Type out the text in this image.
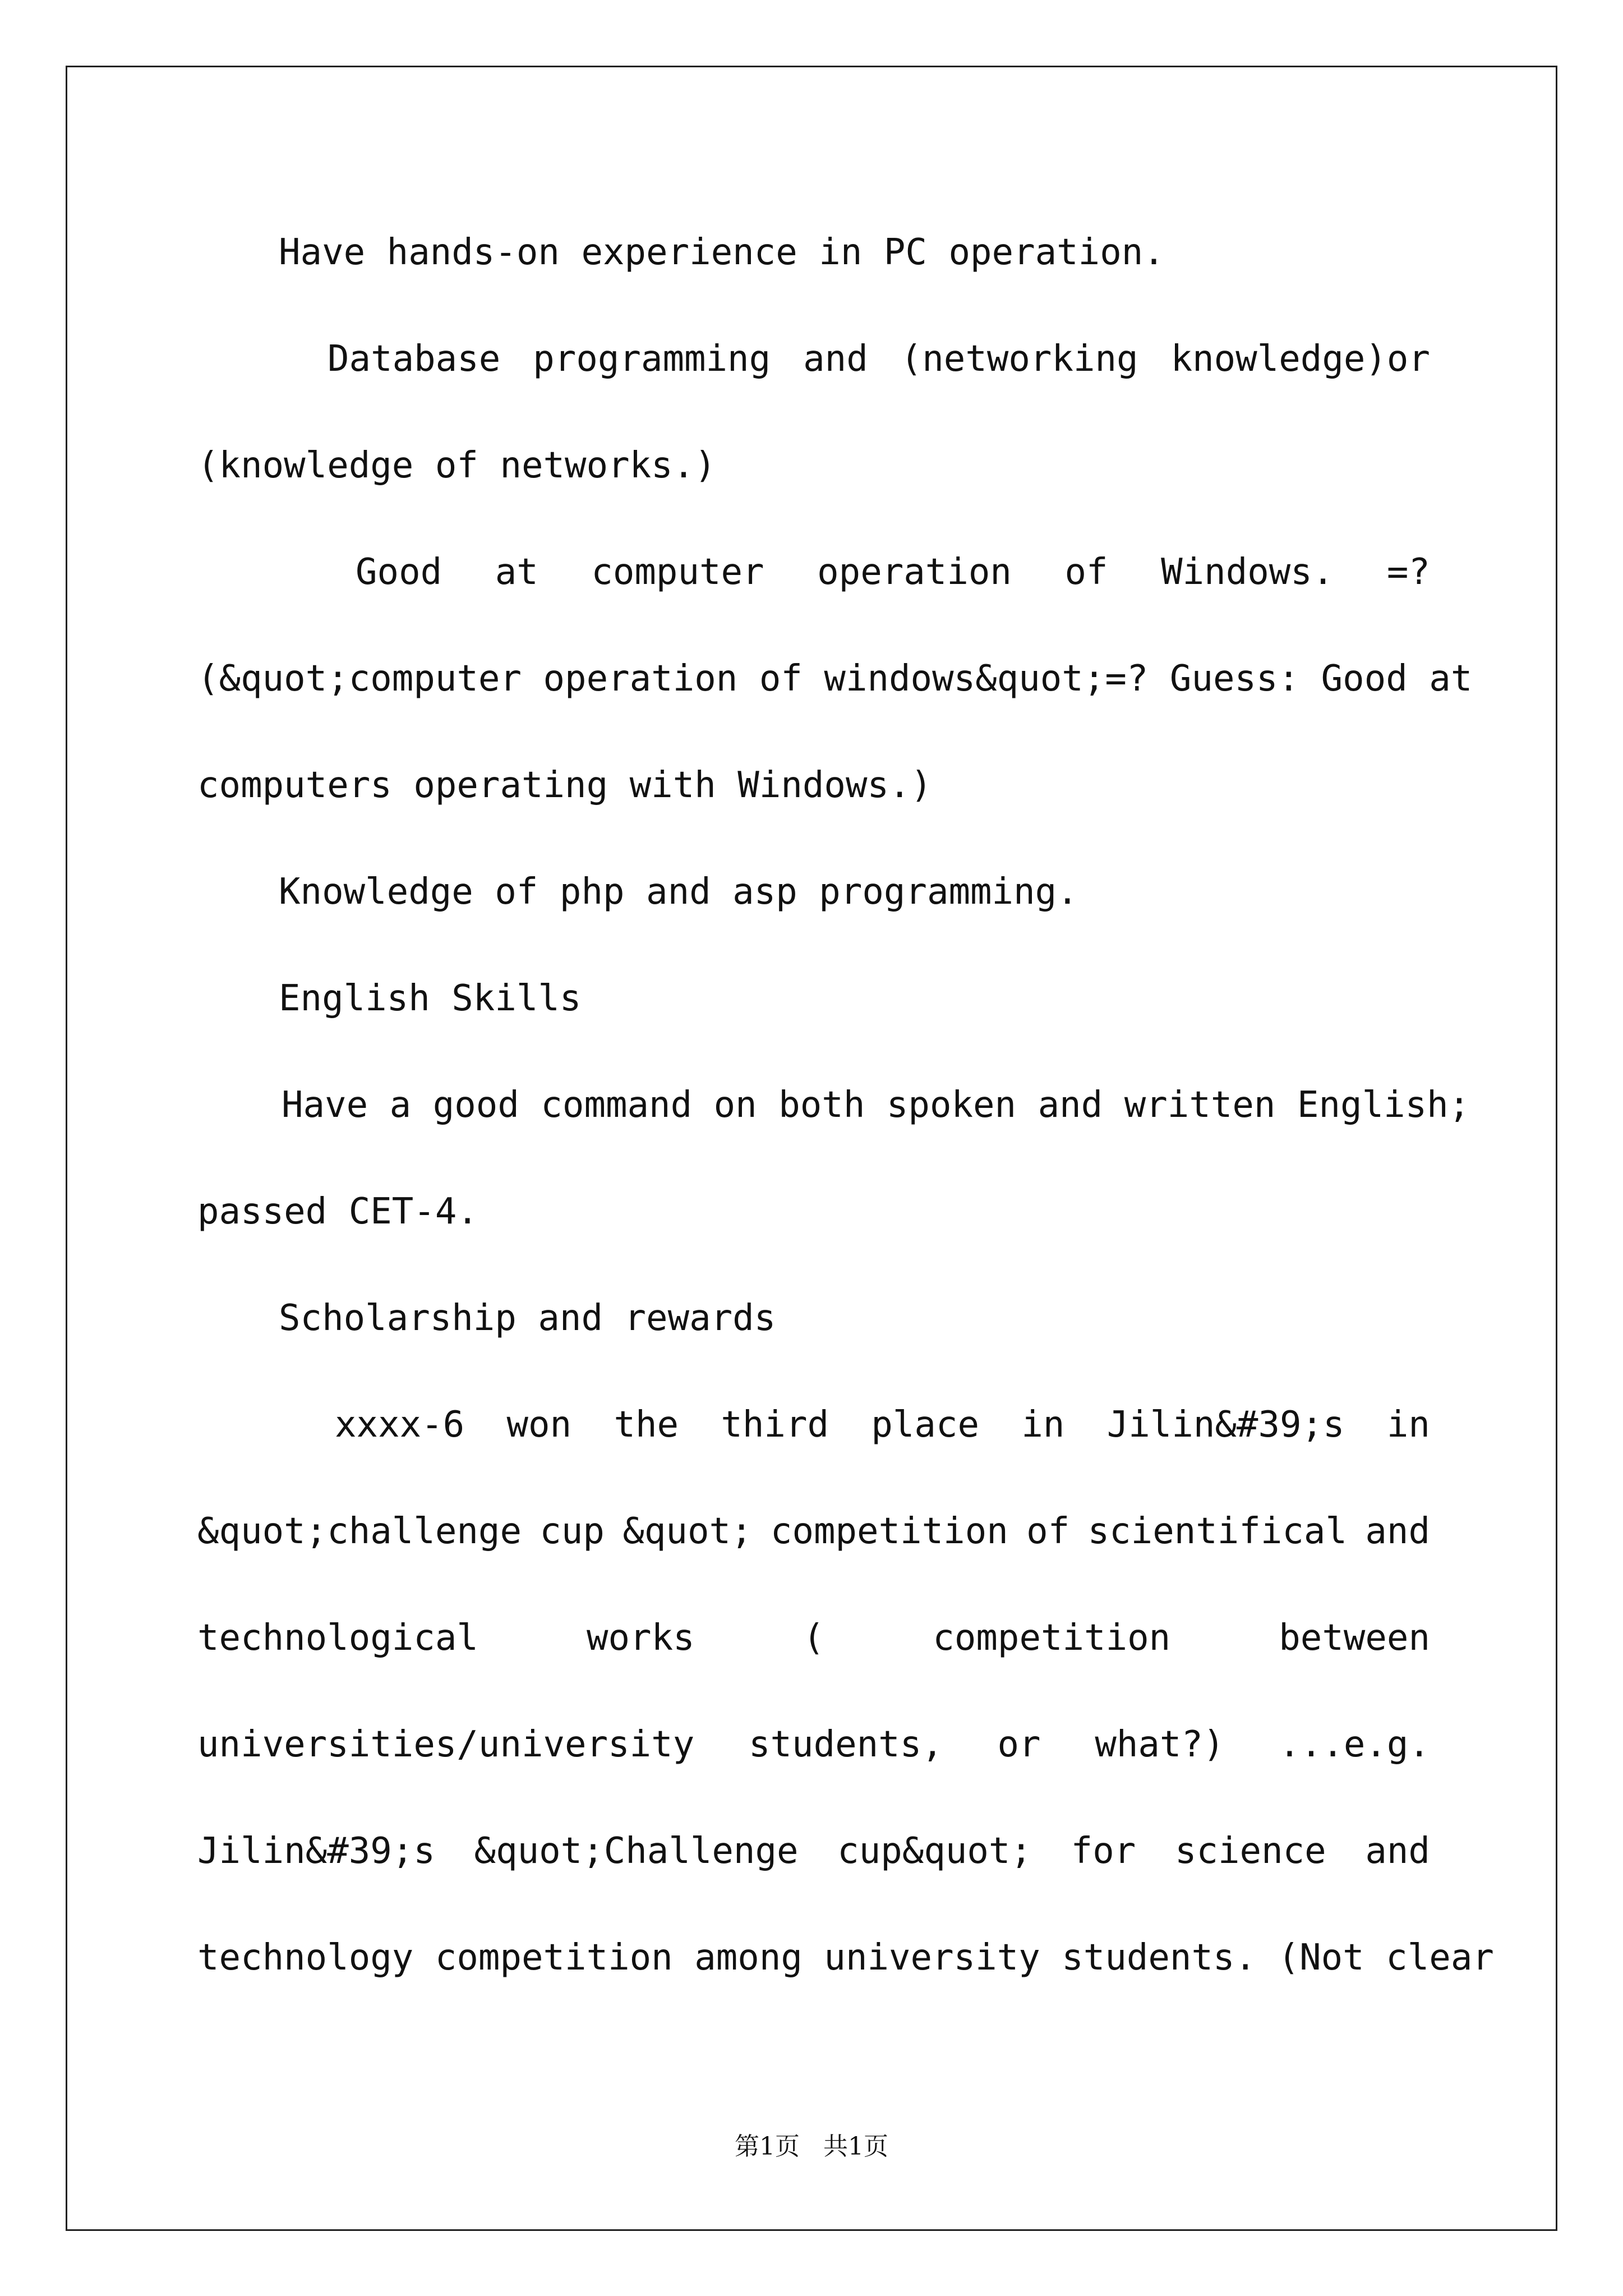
Have hands-on experience in PC operation.
Database programming and (networking knowledge)or
(knowledge of networks.)
Good at computer operation of Windows. =?
(&quot;computer operation of windows&quot;=? Guess: Good at
computers operating with Windows.)
Knowledge of php and asp programming.
English Skills
Have a good command on both spoken and written English;
passed CET-4.
Scholarship and rewards
xxxx-6 won the third place in Jilin&#39;s in
&quot;challenge cup &quot; competition of scientifical and
technological	works	(	competition	between
universities/university students, or what?) ...e.g.
Jilin&#39;s &quot;Challenge cup&quot; for science and
technology competition among university students. (Not clear
第1页 共1页
